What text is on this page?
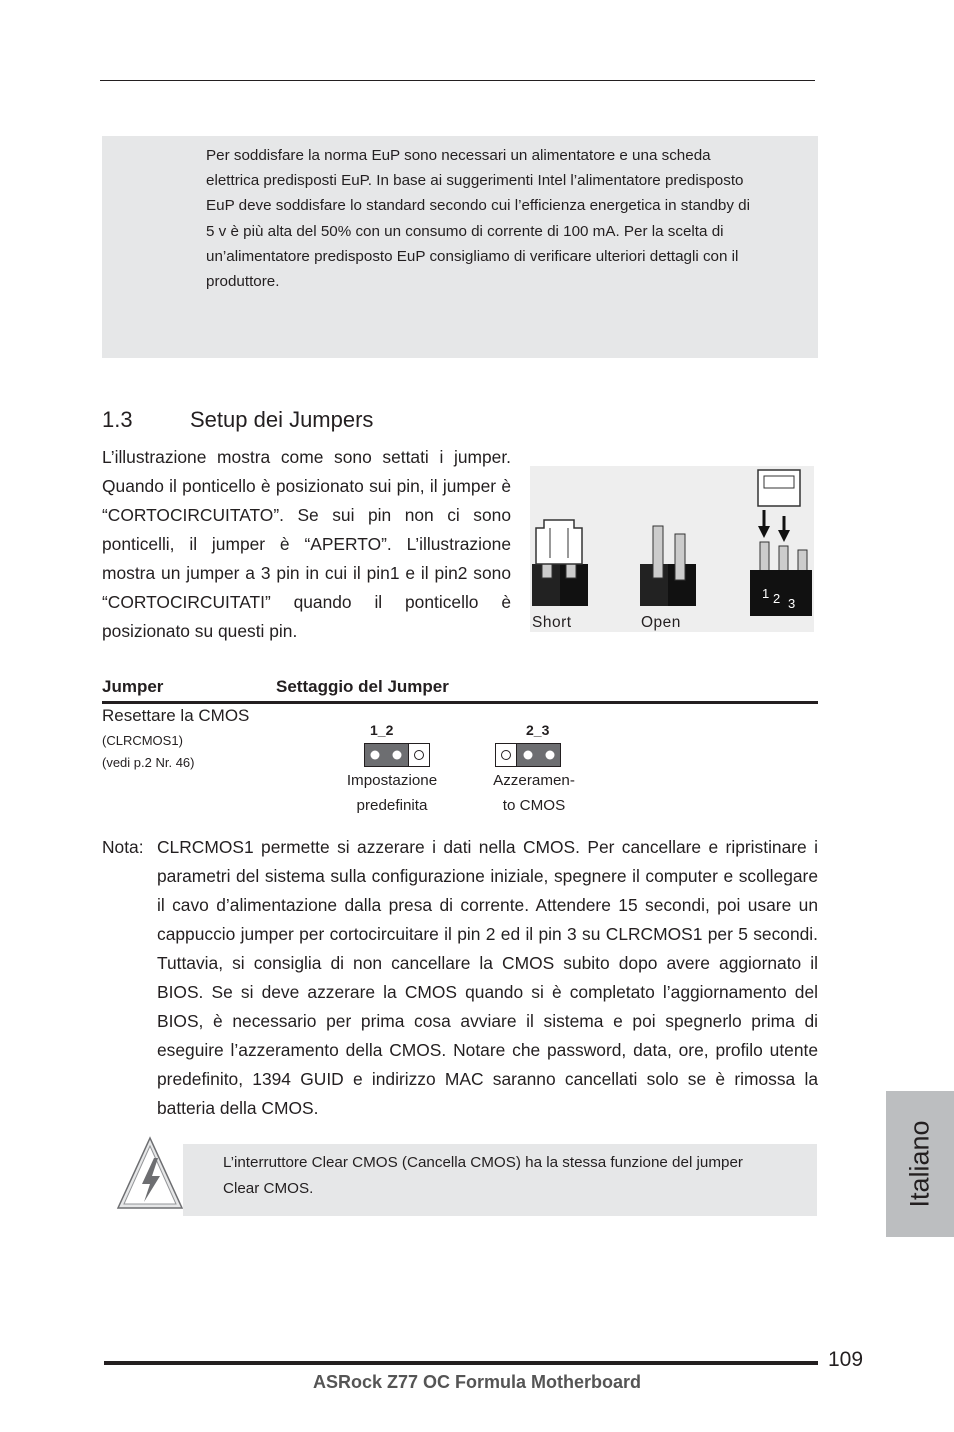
Per soddisfare la norma EuP sono necessari un alimentatore e una scheda elettrica predisposti EuP. In base ai suggerimenti Intel l’alimentatore predisposto EuP deve soddisfare lo standard secondo cui l’efficienza energetica in standby di 5 v è più alta del 50% con un consumo di corrente di 100 mA. Per la scelta di un’alimentatore predisposto EuP consigliamo di verificare ulteriori dettagli con il produttore.

1.3	Setup dei Jumpers

L’illustrazione mostra come sono settati i jumper. Quando il ponticello è posizionato sui pin, il jumper è “CORTOCIRCUITATO”. Se sui pin non ci sono ponticelli, il jumper è “APERTO”. L’illustrazione mostra un jumper a 3 pin in cui il pin1 e il pin2 sono “CORTOCIRCUITATI” quando il ponticello è posizionato su questi pin.

1 2 3
Short	Open
Jumper	Settaggio del Jumper
Resettare la CMOS
(CLRCMOS1)
(vedi p.2 Nr. 46)
1_2
Impostazione
predefinita
2_3
Azzeramen-
to CMOS
Nota: CLRCMOS1 permette si azzerare i dati nella CMOS. Per cancellare e ripristinare i parametri del sistema sulla configurazione iniziale, spegnere il computer e scollegare il cavo d’alimentazione dalla presa di corrente. Attendere 15 secondi, poi usare un cappuccio jumper per cortocircuitare il pin 2 ed il pin 3 su CLRCMOS1 per 5 secondi. Tuttavia, si consiglia di non cancellare la CMOS subito dopo avere aggiornato il BIOS. Se si deve azzerare la CMOS quando si è completato l’aggiornamento del BIOS, è necessario per prima cosa avviare il sistema e poi spegnerlo prima di eseguire l’azzeramento della CMOS. Notare che password, data, ore, profilo utente predefinito, 1394 GUID e indirizzo MAC saranno cancellati solo se è rimossa la batteria della CMOS.

L’interruttore Clear CMOS (Cancella CMOS) ha la stessa funzione del jumper Clear CMOS.	Italiano
109
ASRock Z77 OC Formula Motherboard
